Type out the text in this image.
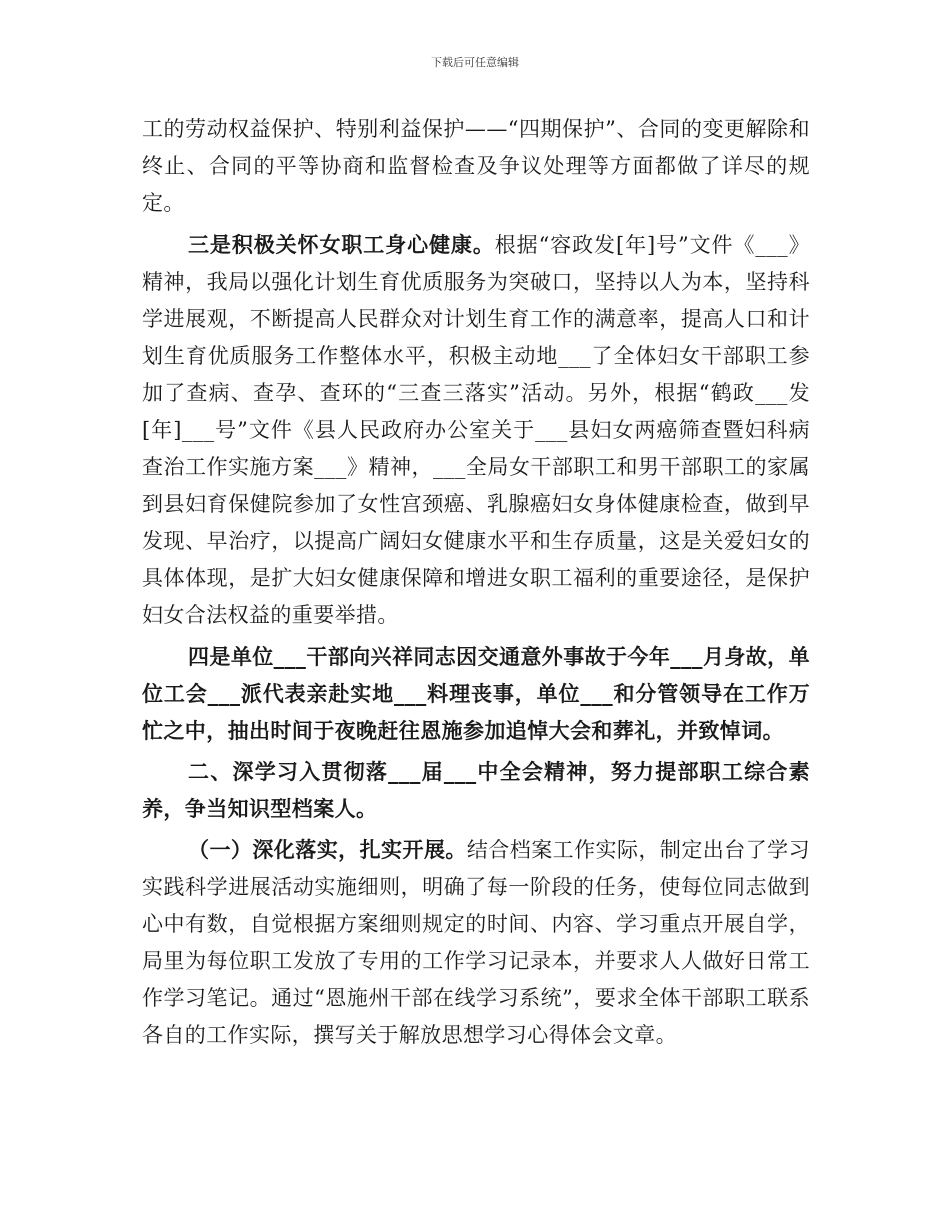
下载后可任意编辑

工的劳动权益保护、特别利益保护——“四期保护”、合同的变更解除和终止、合同的平等协商和监督检查及争议处理等方面都做了详尽的规定。

三是积极关怀女职工身心健康。根据“容政发[年]号”文件《___》精神，我局以强化计划生育优质服务为突破口，坚持以人为本，坚持科学进展观，不断提高人民群众对计划生育工作的满意率，提高人口和计划生育优质服务工作整体水平，积极主动地___了全体妇女干部职工参加了查病、查孕、查环的“三查三落实”活动。另外，根据“鹤政___发[年]___号”文件《县人民政府办公室关于___县妇女两癌筛查暨妇科病查治工作实施方案___》精神，___全局女干部职工和男干部职工的家属到县妇育保健院参加了女性宫颈癌、乳腺癌妇女身体健康检查，做到早发现、早治疗，以提高广阔妇女健康水平和生存质量，这是关爱妇女的具体体现，是扩大妇女健康保障和增进女职工福利的重要途径，是保护妇女合法权益的重要举措。

四是单位___干部向兴祥同志因交通意外事故于今年___月身故，单位工会___派代表亲赴实地___料理丧事，单位___和分管领导在工作万忙之中，抽出时间于夜晚赶往恩施参加追悼大会和葬礼，并致悼词。

二、深学习入贯彻落___届___中全会精神，努力提部职工综合素养，争当知识型档案人。

（一）深化落实，扎实开展。结合档案工作实际，制定出台了学习实践科学进展活动实施细则，明确了每一阶段的任务，使每位同志做到心中有数，自觉根据方案细则规定的时间、内容、学习重点开展自学，局里为每位职工发放了专用的工作学习记录本，并要求人人做好日常工作学习笔记。通过“恩施州干部在线学习系统”，要求全体干部职工联系各自的工作实际，撰写关于解放思想学习心得体会文章。
